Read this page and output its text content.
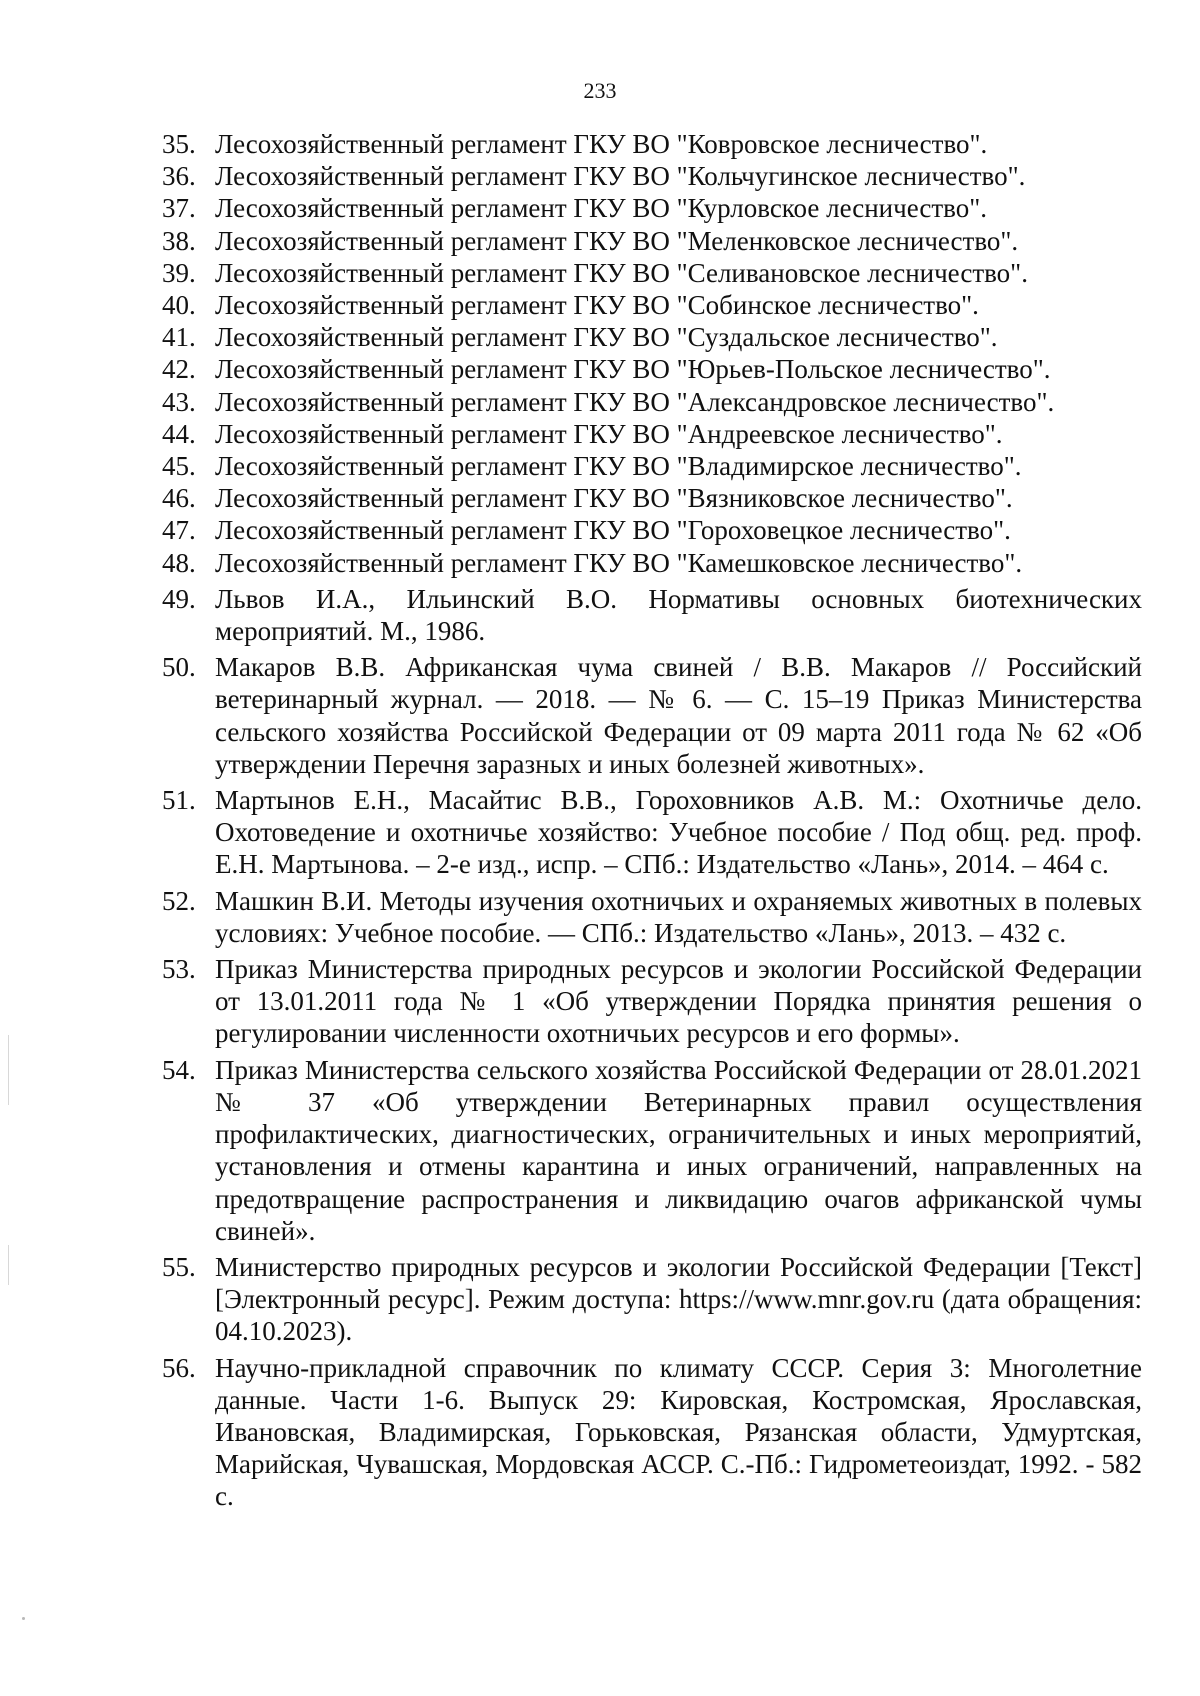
233
35. Лесохозяйственный регламент ГКУ ВО "Ковровское лесничество".
36. Лесохозяйственный регламент ГКУ ВО "Кольчугинское лесничество".
37. Лесохозяйственный регламент ГКУ ВО "Курловское лесничество".
38. Лесохозяйственный регламент ГКУ ВО "Меленковское лесничество".
39. Лесохозяйственный регламент ГКУ ВО "Селивановское лесничество".
40. Лесохозяйственный регламент ГКУ ВО "Собинское лесничество".
41. Лесохозяйственный регламент ГКУ ВО "Суздальское лесничество".
42. Лесохозяйственный регламент ГКУ ВО "Юрьев-Польское лесничество".
43. Лесохозяйственный регламент ГКУ ВО "Александровское лесничество".
44. Лесохозяйственный регламент ГКУ ВО "Андреевское лесничество".
45. Лесохозяйственный регламент ГКУ ВО "Владимирское лесничество".
46. Лесохозяйственный регламент ГКУ ВО "Вязниковское лесничество".
47. Лесохозяйственный регламент ГКУ ВО "Гороховецкое лесничество".
48. Лесохозяйственный регламент ГКУ ВО "Камешковское лесничество".
49. Львов И.А., Ильинский В.О. Нормативы основных биотехнических мероприятий. М., 1986.
50. Макаров В.В. Африканская чума свиней / В.В. Макаров // Российский ветеринарный журнал. — 2018. — № 6. — С. 15–19 Приказ Министерства сельского хозяйства Российской Федерации от 09 марта 2011 года № 62 «Об утверждении Перечня заразных и иных болезней животных».
51. Мартынов Е.Н., Масайтис В.В., Гороховников А.В. М.: Охотничье дело. Охотоведение и охотничье хозяйство: Учебное пособие / Под общ. ред. проф. Е.Н. Мартынова. – 2-е изд., испр. – СПб.: Издательство «Лань», 2014. – 464 с.
52. Машкин В.И. Методы изучения охотничьих и охраняемых животных в полевых условиях: Учебное пособие. — СПб.: Издательство «Лань», 2013. – 432 с.
53. Приказ Министерства природных ресурсов и экологии Российской Федерации от 13.01.2011 года № 1 «Об утверждении Порядка принятия решения о регулировании численности охотничьих ресурсов и его формы».
54. Приказ Министерства сельского хозяйства Российской Федерации от 28.01.2021 № 37 «Об утверждении Ветеринарных правил осуществления профилактических, диагностических, ограничительных и иных мероприятий, установления и отмены карантина и иных ограничений, направленных на предотвращение распространения и ликвидацию очагов африканской чумы свиней».
55. Министерство природных ресурсов и экологии Российской Федерации [Текст] [Электронный ресурс]. Режим доступа: https://www.mnr.gov.ru (дата обращения: 04.10.2023).
56. Научно-прикладной справочник по климату СССР. Серия 3: Многолетние данные. Части 1-6. Выпуск 29: Кировская, Костромская, Ярославская, Ивановская, Владимирская, Горьковская, Рязанская области, Удмуртская, Марийская, Чувашская, Мордовская АССР. С.-Пб.: Гидрометеоиздат, 1992. - 582 с.
